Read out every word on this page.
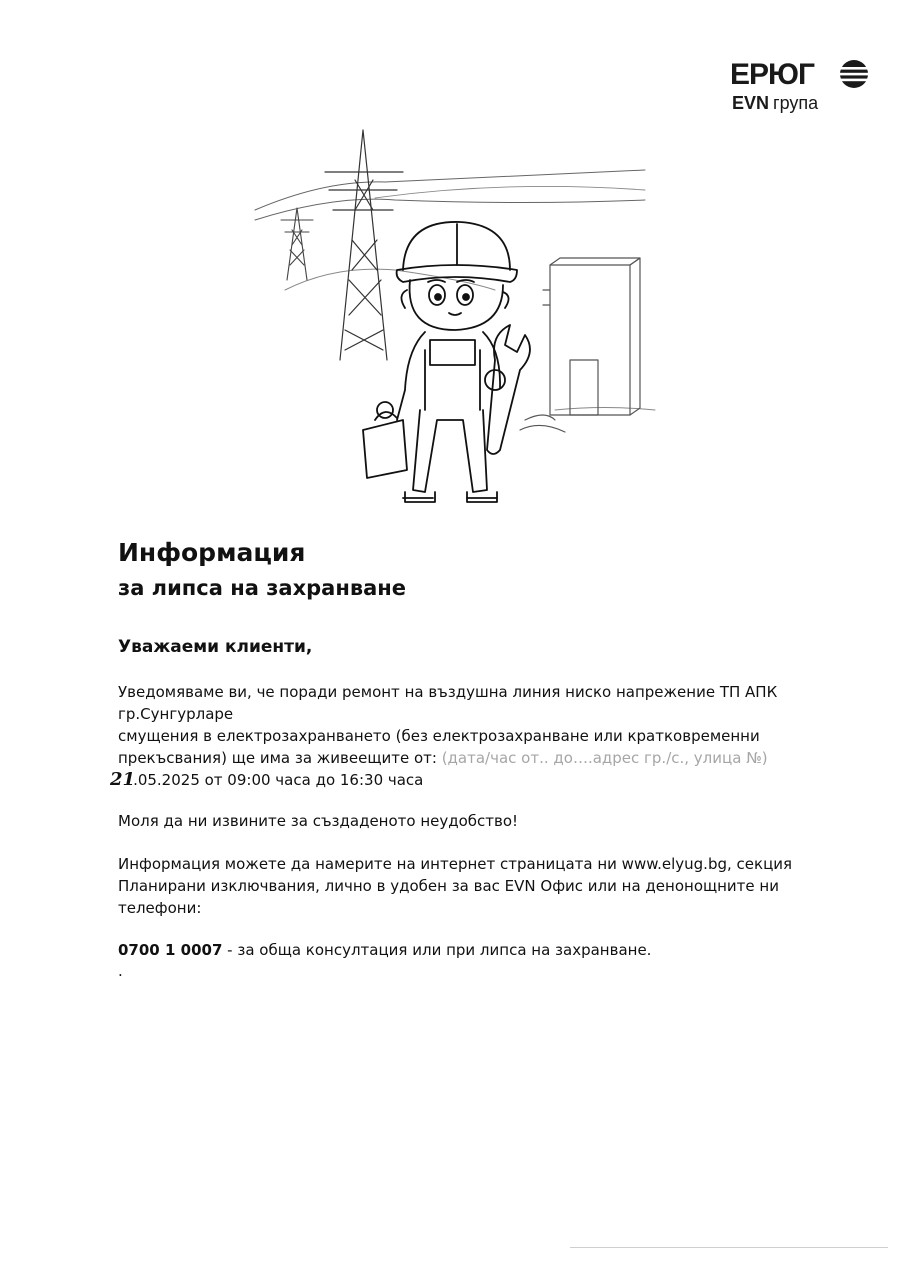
ЕРЮГ
EVN група
Информация
за липса на захранване

Уважаеми клиенти,

Уведомяваме ви, че поради ремонт на въздушна линия ниско напрежение ТП АПК
гр.Сунгурларе
смущения в електрозахранването (без електрозахранване или кратковременни
прекъсвания) ще има за живеещите от: (дата/час от.. до….адрес гр./с., улица №)
21.05.2025 от 09:00 часа до 16:30 часа

Моля да ни извините за създаденото неудобство!

Информация можете да намерите на интернет страницата ни www.elyug.bg, секция
Планирани изключвания, лично в удобен за вас EVN Офис или на денонощните ни
телефони:
0700 1 0007 - за обща консултация или при липса на захранване.
.
